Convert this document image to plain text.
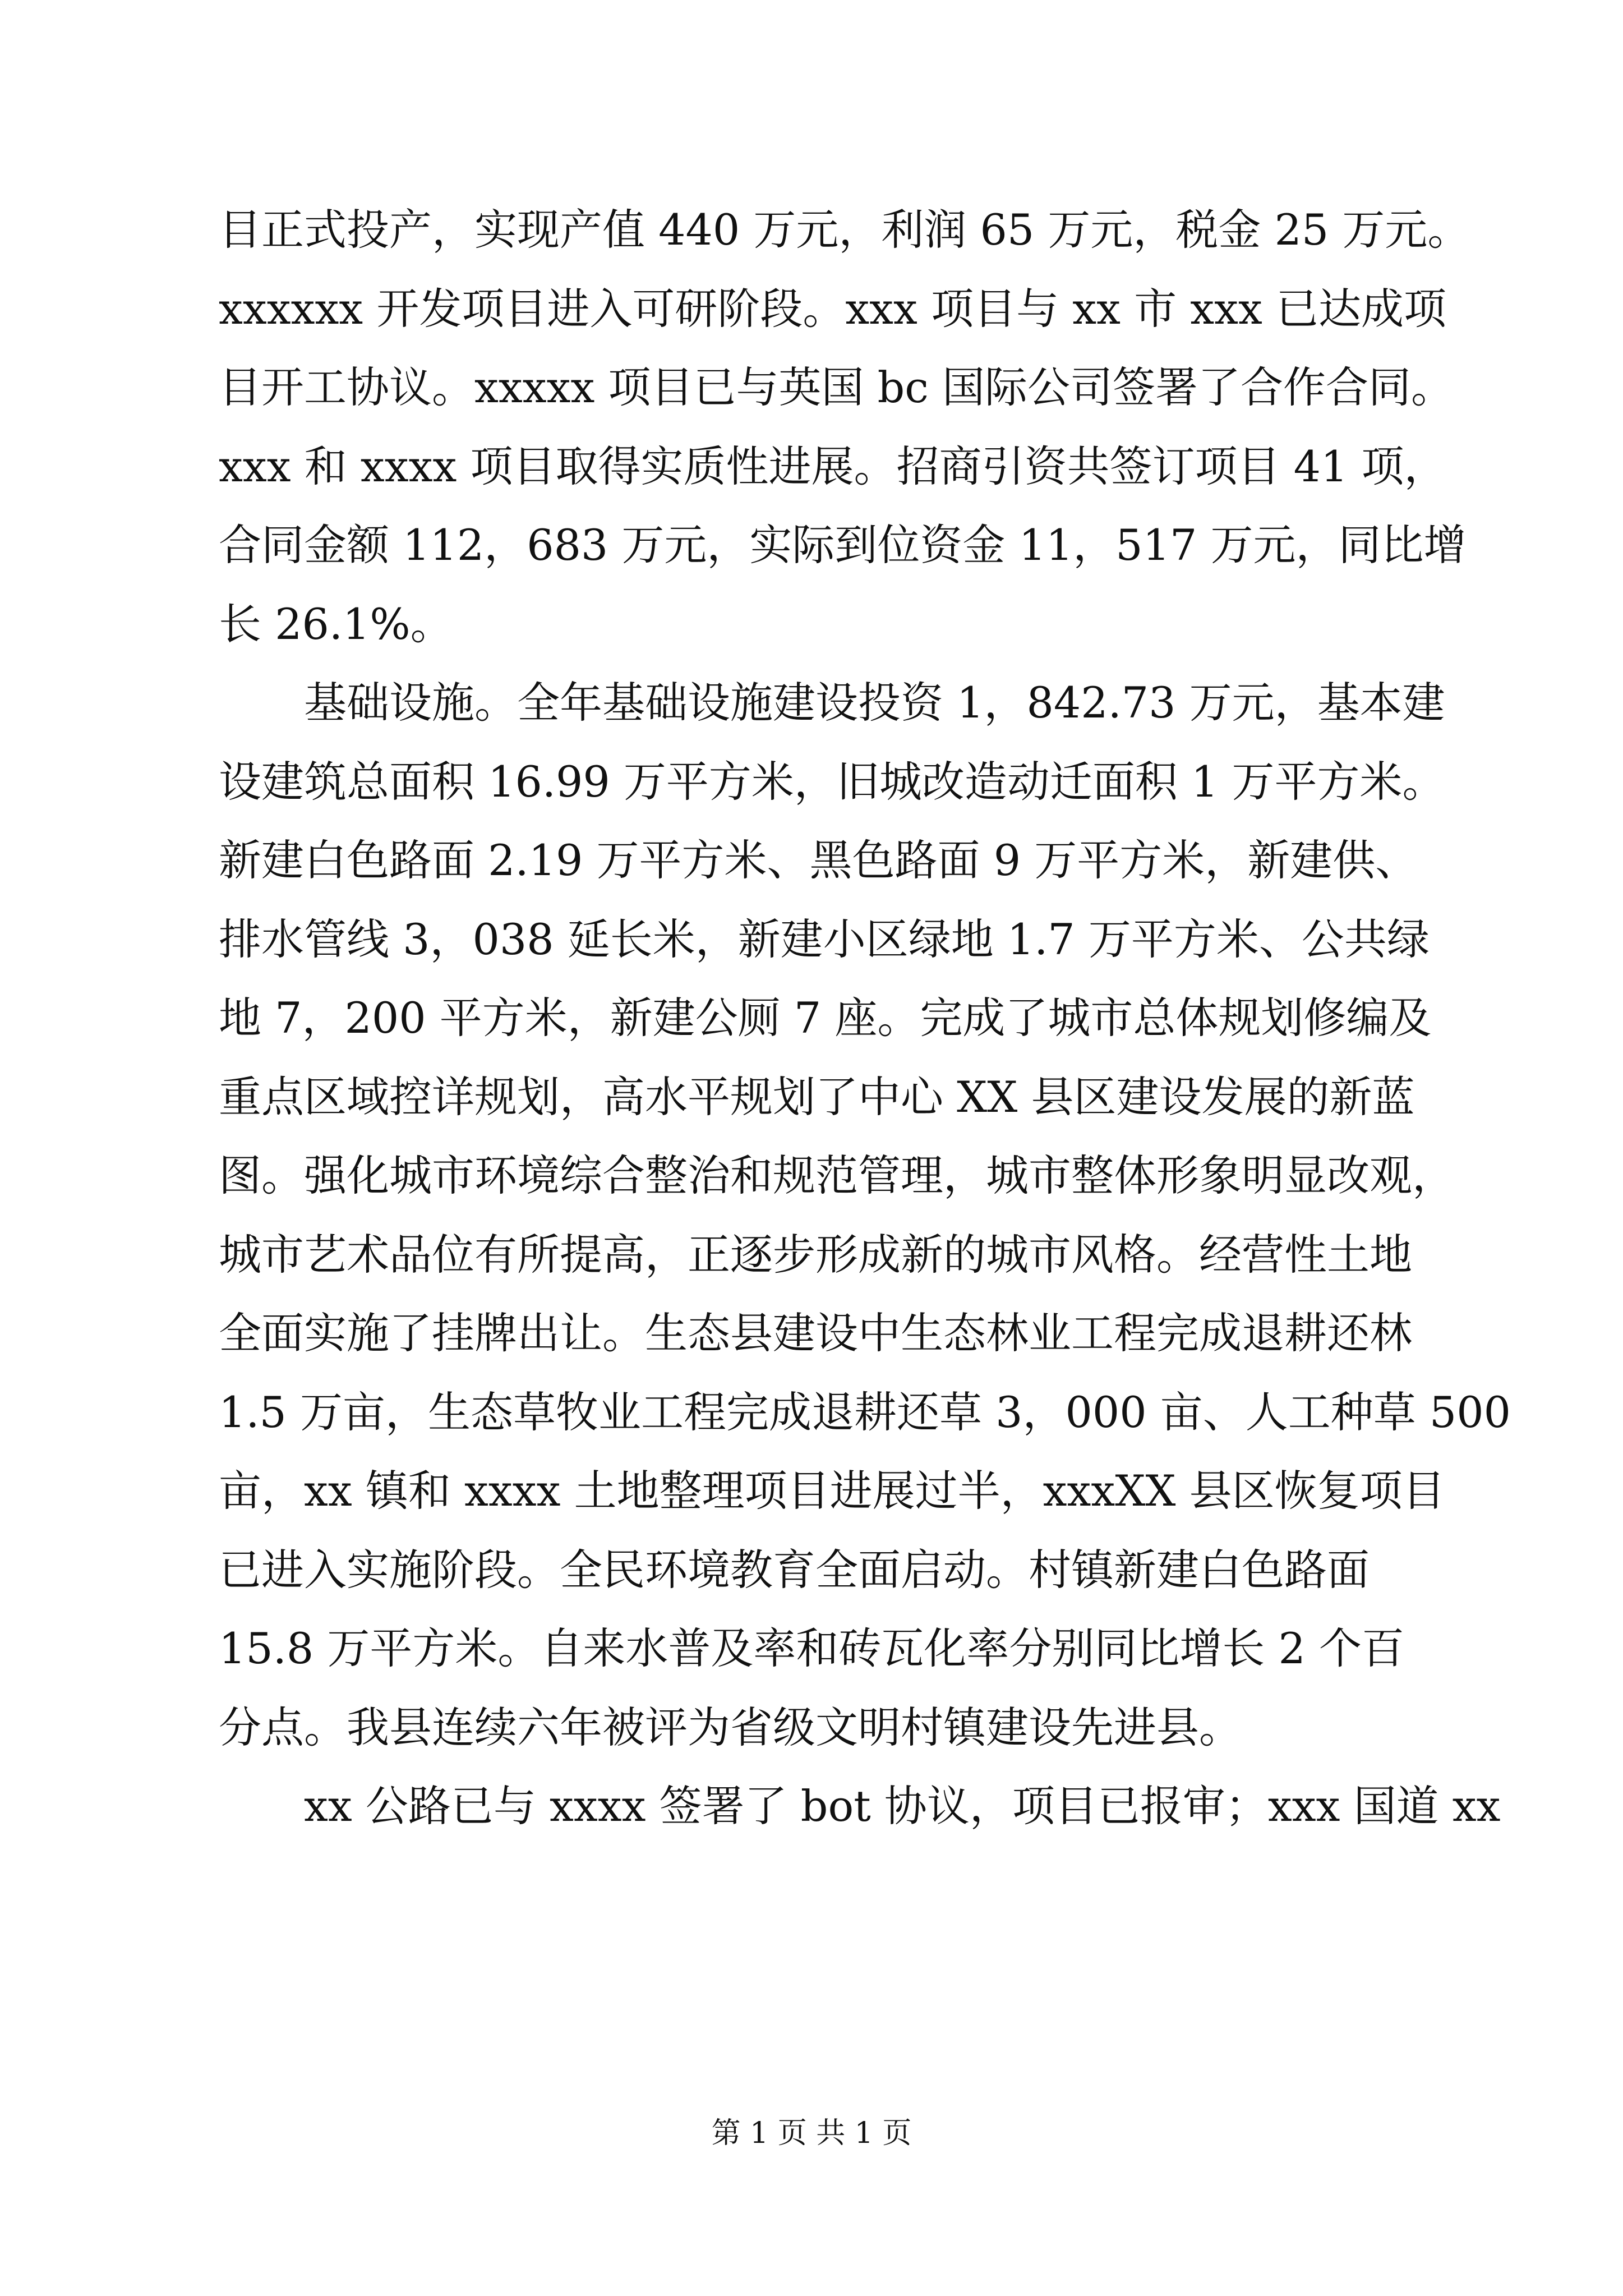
目正式投产，实现产值 440 万元，利润 65 万元，税金 25 万元。
xxxxxx 开发项目进入可研阶段。xxx 项目与 xx 市 xxx 已达成项
目开工协议。xxxxx 项目已与英国 bc 国际公司签署了合作合同。
xxx 和 xxxx 项目取得实质性进展。招商引资共签订项目 41 项，
合同金额 112，683 万元，实际到位资金 11，517 万元，同比增
长 26.1%。
基础设施。全年基础设施建设投资 1，842.73 万元，基本建
设建筑总面积 16.99 万平方米，旧城改造动迁面积 1 万平方米。
新建白色路面 2.19 万平方米、黑色路面 9 万平方米，新建供、
排水管线 3，038 延长米，新建小区绿地 1.7 万平方米、公共绿
地 7，200 平方米，新建公厕 7 座。完成了城市总体规划修编及
重点区域控详规划，高水平规划了中心 XX 县区建设发展的新蓝
图。强化城市环境综合整治和规范管理，城市整体形象明显改观，
城市艺术品位有所提高，正逐步形成新的城市风格。经营性土地
全面实施了挂牌出让。生态县建设中生态林业工程完成退耕还林
1.5 万亩，生态草牧业工程完成退耕还草 3，000 亩、人工种草 500
亩，xx 镇和 xxxx 土地整理项目进展过半，xxxXX 县区恢复项目
已进入实施阶段。全民环境教育全面启动。村镇新建白色路面
15.8 万平方米。自来水普及率和砖瓦化率分别同比增长 2 个百
分点。我县连续六年被评为省级文明村镇建设先进县。
xx 公路已与 xxxx 签署了 bot 协议，项目已报审；xxx 国道 xx
第 1 页 共 1 页
